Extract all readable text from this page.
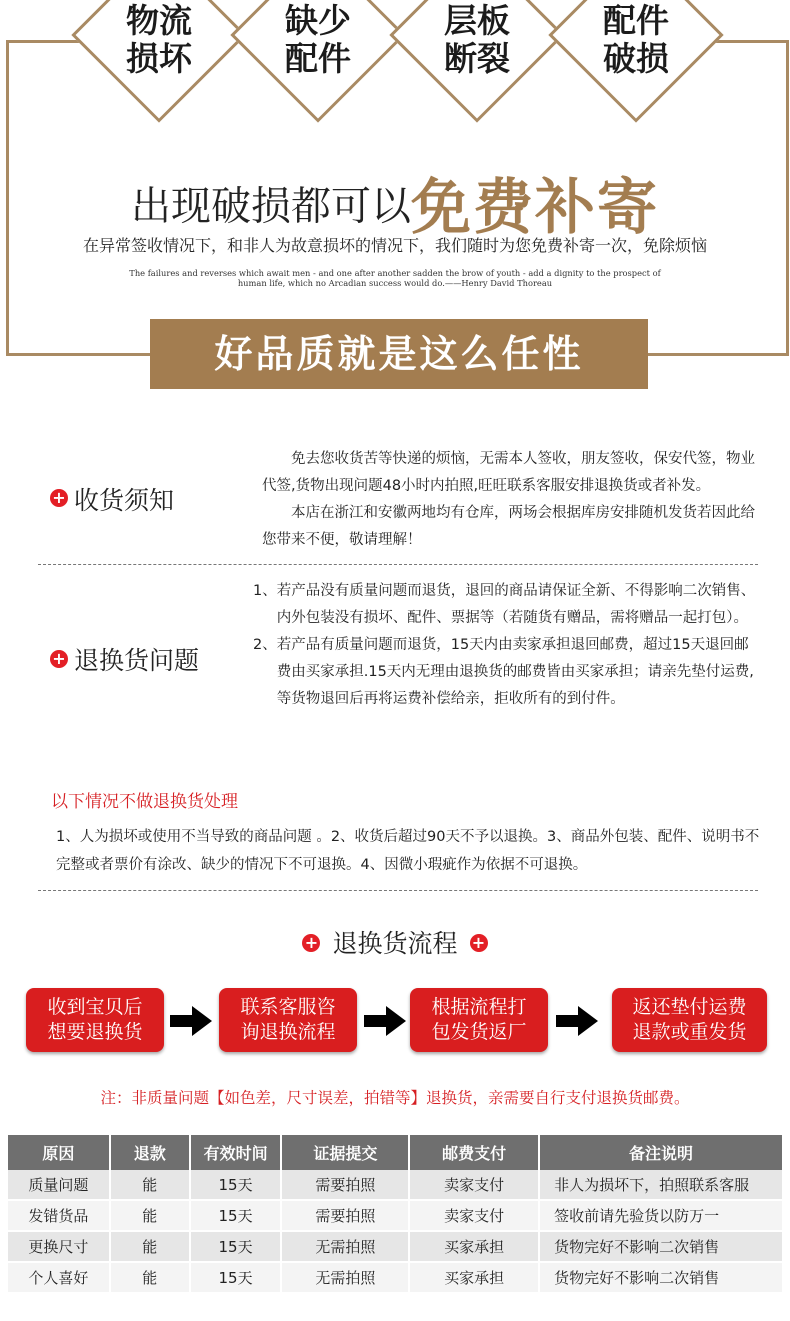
物流
损坏
缺少
配件
层板
断裂
配件
破损
出现破损都可以免费补寄
在异常签收情况下，和非人为故意损坏的情况下，我们随时为您免费补寄一次，免除烦恼
The failures and reverses which await men - and one after another sadden the brow of youth - add a dignity to the prospect of human life, which no Arcadian success would do.——Henry David Thoreau
好品质就是这么任性
+ 收货须知

免去您收货苦等快递的烦恼，无需本人签收，朋友签收，保安代签，物业代签,货物出现问题48小时内拍照,旺旺联系客服安排退换货或者补发。

本店在浙江和安徽两地均有仓库，两场会根据库房安排随机发货若因此给您带来不便，敬请理解！

+ 退换货问题
1、 若产品没有质量问题而退货，退回的商品请保证全新、不得影响二次销售、内外包装没有损坏、配件、票据等（若随货有赠品，需将赠品一起打包）。
2、 若产品有质量问题而退货，15天内由卖家承担退回邮费，超过15天退回邮费由买家承担.15天内无理由退换货的邮费皆由买家承担；请亲先垫付运费,等货物退回后再将运费补偿给亲，拒收所有的到付件。
以下情况不做退换货处理
1、人为损坏或使用不当导致的商品问题 。2、收货后超过90天不予以退换。3、商品外包装、配件、说明书不完整或者票价有涂改、缺少的情况下不可退换。4、因微小瑕疵作为依据不可退换。
+ 退换货流程 +
收到宝贝后
想要退换货
联系客服咨
询退换流程
根据流程打
包发货返厂
返还垫付运费
退款或重发货
注：非质量问题【如色差，尺寸误差，拍错等】退换货，亲需要自行支付退换货邮费。
原因	退款	有效时间	证据提交	邮费支付	备注说明
质量问题	能	15天	需要拍照	卖家支付	非人为损坏下，拍照联系客服
发错货品	能	15天	需要拍照	卖家支付	签收前请先验货以防万一
更换尺寸	能	15天	无需拍照	买家承担	货物完好不影响二次销售
个人喜好	能	15天	无需拍照	买家承担	货物完好不影响二次销售
